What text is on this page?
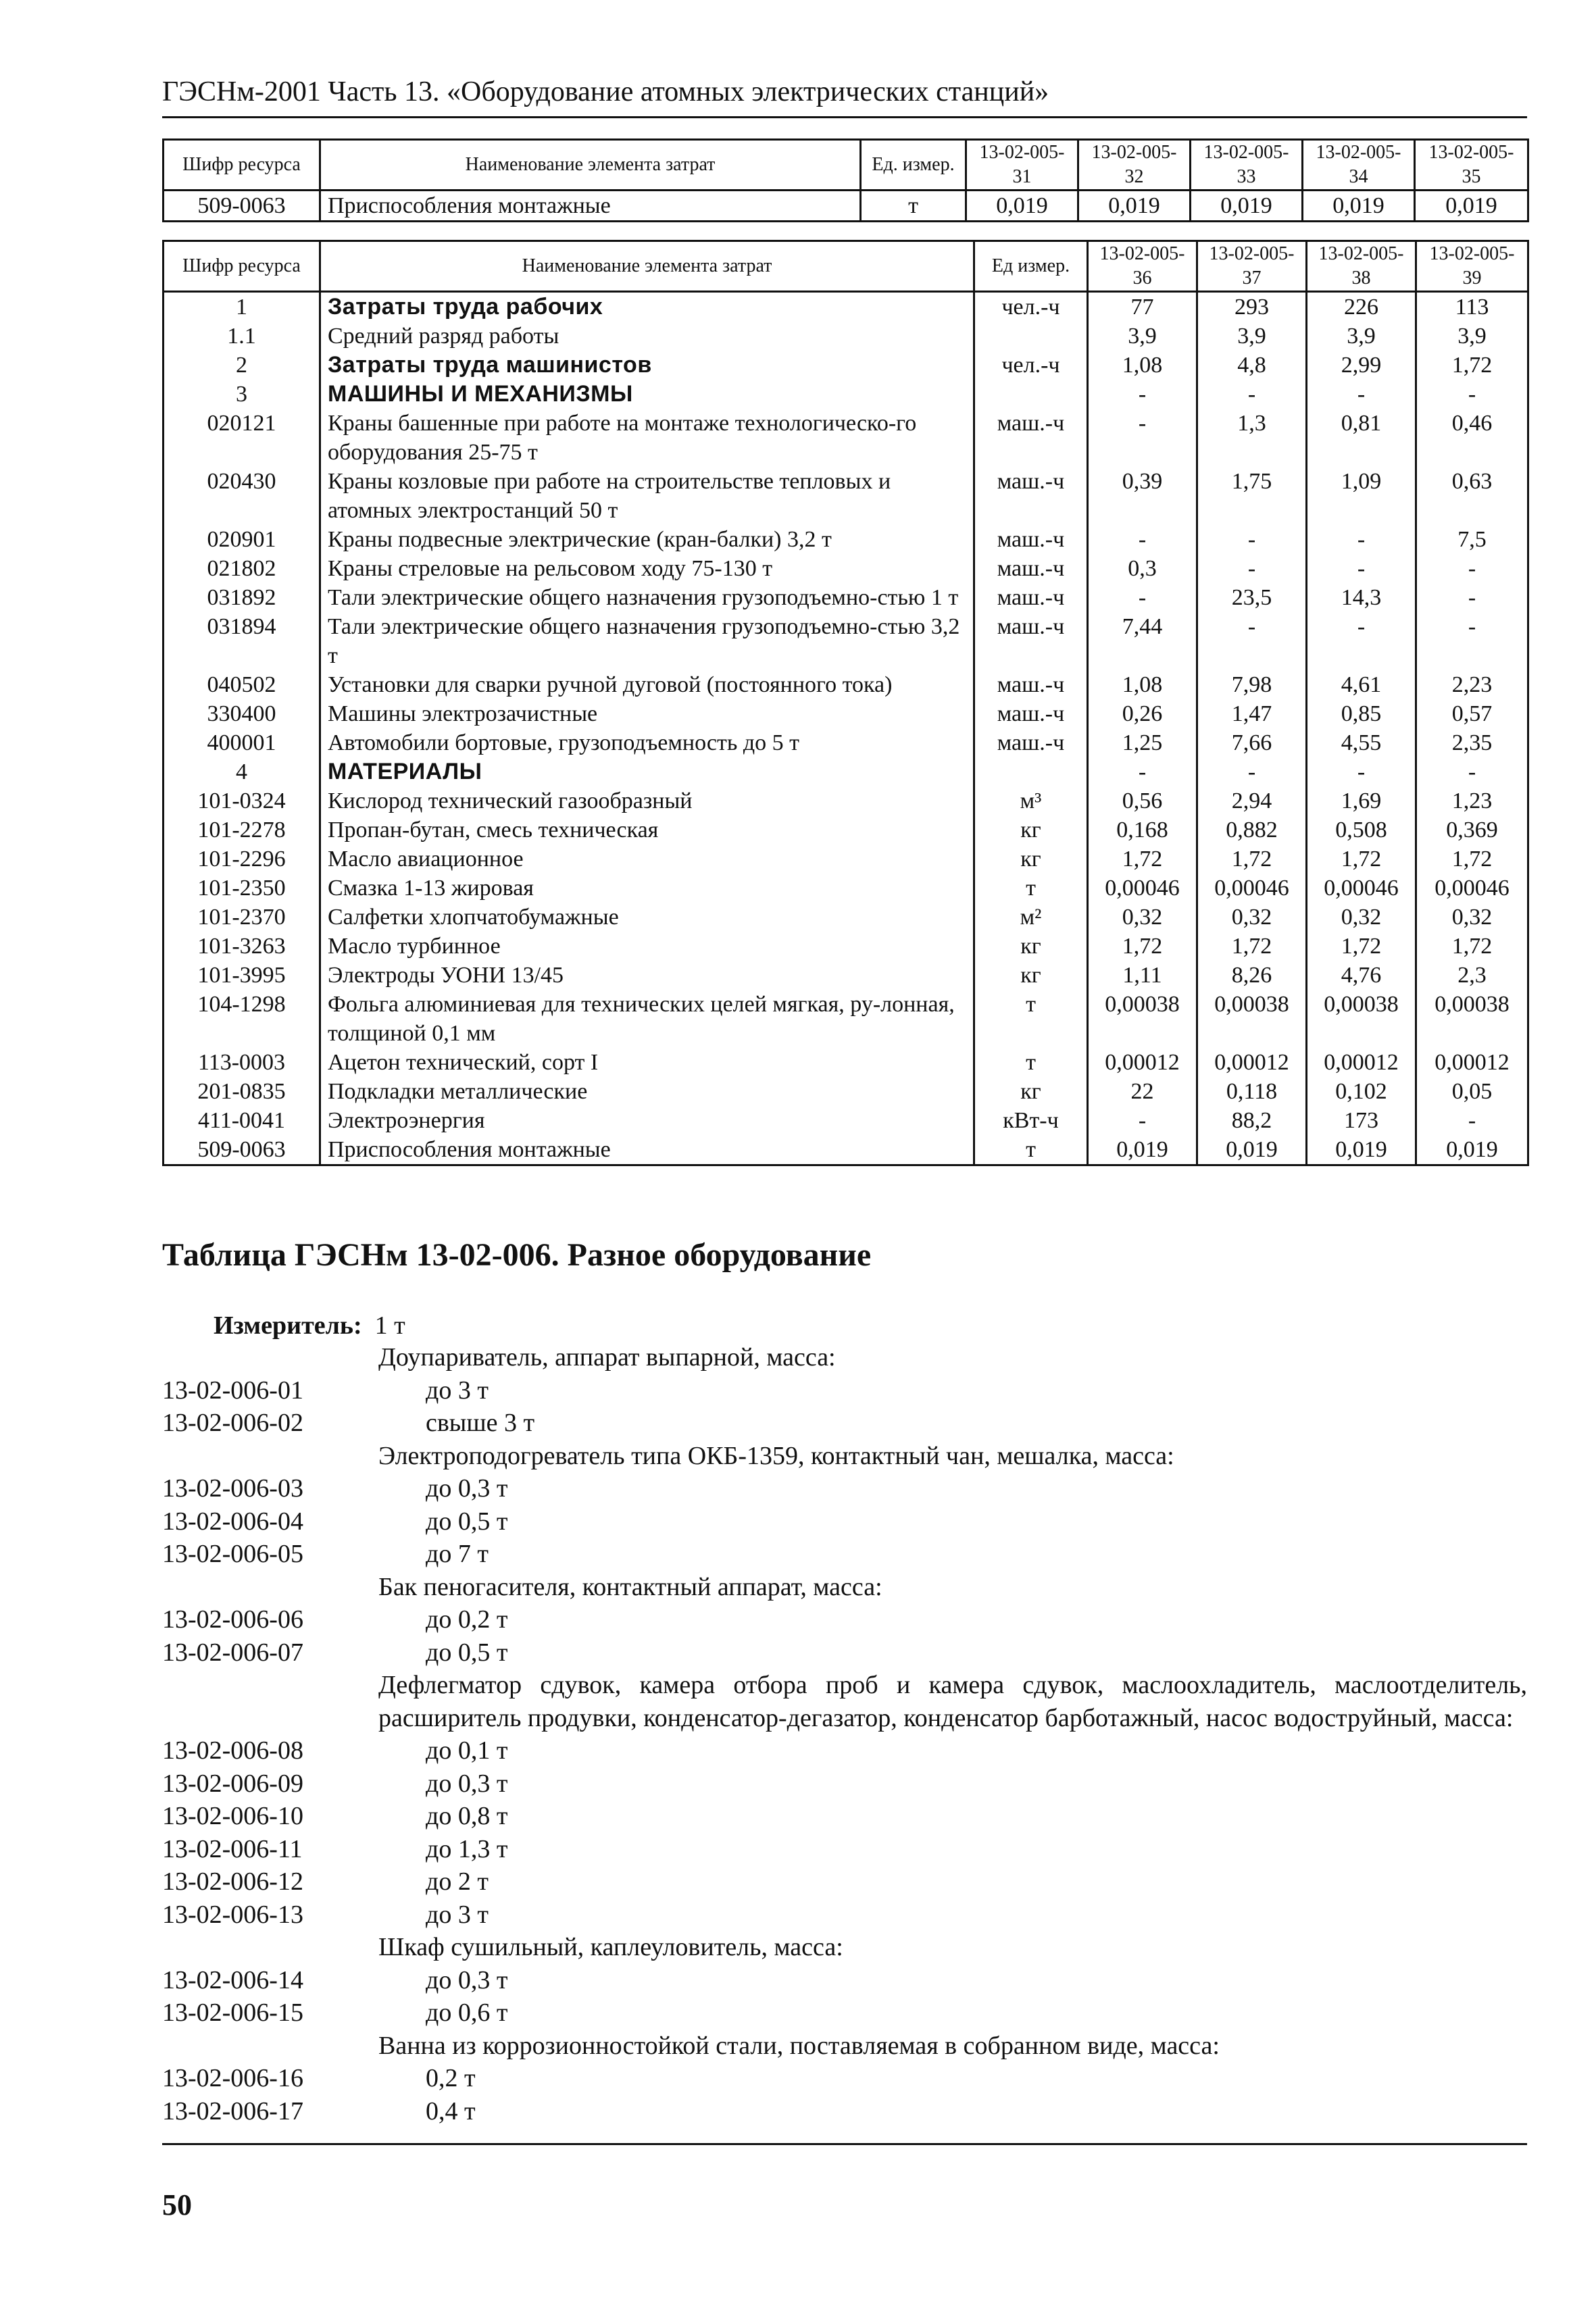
ГЭСНм-2001 Часть 13. «Оборудование атомных электрических станций»
Шифр ресурса	Наименование элемента затрат	Ед. измер.	13-02-005-31	13-02-005-32	13-02-005-33	13-02-005-34	13-02-005-35
509-0063	Приспособления монтажные	т	0,019	0,019	0,019	0,019	0,019
Шифр ресурса	Наименование элемента затрат	Ед измер.	13-02-005-36	13-02-005-37	13-02-005-38	13-02-005-39
1	Затраты труда рабочих	чел.-ч	77	293	226	113
1.1	Средний разряд работы		3,9	3,9	3,9	3,9
2	Затраты труда машинистов	чел.-ч	1,08	4,8	2,99	1,72
3	МАШИНЫ И МЕХАНИЗМЫ		-	-	-	-
020121	Краны башенные при работе на монтаже технологическо-го оборудования 25-75 т	маш.-ч	-	1,3	0,81	0,46
020430	Краны козловые при работе на строительстве тепловых и атомных электростанций 50 т	маш.-ч	0,39	1,75	1,09	0,63
020901	Краны подвесные электрические (кран-балки) 3,2 т	маш.-ч	-	-	-	7,5
021802	Краны стреловые на рельсовом ходу 75-130 т	маш.-ч	0,3	-	-	-
031892	Тали электрические общего назначения грузоподъемно-стью 1 т	маш.-ч	-	23,5	14,3	-
031894	Тали электрические общего назначения грузоподъемно-стью 3,2 т	маш.-ч	7,44	-	-	-
040502	Установки для сварки ручной дуговой (постоянного тока)	маш.-ч	1,08	7,98	4,61	2,23
330400	Машины электрозачистные	маш.-ч	0,26	1,47	0,85	0,57
400001	Автомобили бортовые, грузоподъемность до 5 т	маш.-ч	1,25	7,66	4,55	2,35
4	МАТЕРИАЛЫ		-	-	-	-
101-0324	Кислород технический газообразный	м³	0,56	2,94	1,69	1,23
101-2278	Пропан-бутан, смесь техническая	кг	0,168	0,882	0,508	0,369
101-2296	Масло авиационное	кг	1,72	1,72	1,72	1,72
101-2350	Смазка 1-13 жировая	т	0,00046	0,00046	0,00046	0,00046
101-2370	Салфетки хлопчатобумажные	м²	0,32	0,32	0,32	0,32
101-3263	Масло турбинное	кг	1,72	1,72	1,72	1,72
101-3995	Электроды УОНИ 13/45	кг	1,11	8,26	4,76	2,3
104-1298	Фольга алюминиевая для технических целей мягкая, ру-лонная, толщиной 0,1 мм	т	0,00038	0,00038	0,00038	0,00038
113-0003	Ацетон технический, сорт I	т	0,00012	0,00012	0,00012	0,00012
201-0835	Подкладки металлические	кг	22	0,118	0,102	0,05
411-0041	Электроэнергия	кВт-ч	-	88,2	173	-
509-0063	Приспособления монтажные	т	0,019	0,019	0,019	0,019
Таблица ГЭСНм 13-02-006. Разное оборудование
Измеритель: 1 т
Доупариватель, аппарат выпарной, масса:
13-02-006-01	до 3 т
13-02-006-02	свыше 3 т
Электроподогреватель типа ОКБ-1359, контактный чан, мешалка, масса:
13-02-006-03	до 0,3 т
13-02-006-04	до 0,5 т
13-02-006-05	до 7 т
Бак пеногасителя, контактный аппарат, масса:
13-02-006-06	до 0,2 т
13-02-006-07	до 0,5 т
Дефлегматор сдувок, камера отбора проб и камера сдувок, маслоохладитель, маслоотделитель, расширитель продувки, конденсатор-дегазатор, конденсатор барботажный, насос водоструйный, масса:
13-02-006-08	до 0,1 т
13-02-006-09	до 0,3 т
13-02-006-10	до 0,8 т
13-02-006-11	до 1,3 т
13-02-006-12	до 2 т
13-02-006-13	до 3 т
Шкаф сушильный, каплеуловитель, масса:
13-02-006-14	до 0,3 т
13-02-006-15	до 0,6 т
Ванна из коррозионностойкой стали, поставляемая в собранном виде, масса:
13-02-006-16	0,2 т
13-02-006-17	0,4 т
50
